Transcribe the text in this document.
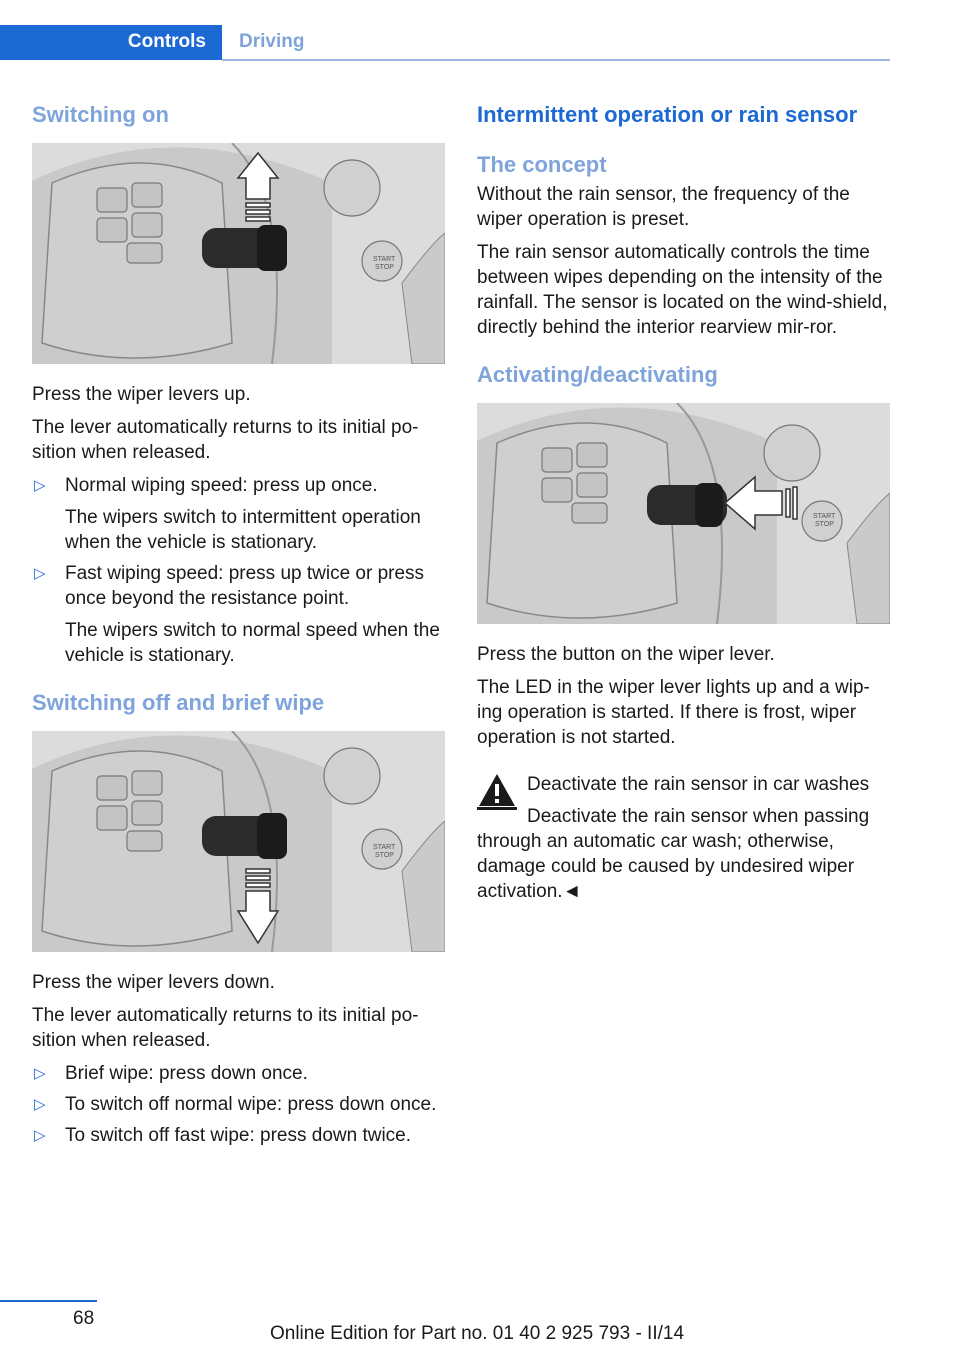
Controls	Driving
Switching on
START
STOP

Press the wiper levers up.

The lever automatically returns to its initial po-sition when released.

▷ Normal wiping speed: press up once.
The wipers switch to intermittent operation when the vehicle is stationary.
▷ Fast wiping speed: press up twice or press once beyond the resistance point.
The wipers switch to normal speed when the vehicle is stationary.
Switching off and brief wipe
START
STOP

Press the wiper levers down.

The lever automatically returns to its initial po-sition when released.

▷ Brief wipe: press down once.
▷ To switch off normal wipe: press down once.
▷ To switch off fast wipe: press down twice.
Intermittent operation or rain sensor
The concept

Without the rain sensor, the frequency of the wiper operation is preset.

The rain sensor automatically controls the time between wipes depending on the intensity of the rainfall. The sensor is located on the wind-shield, directly behind the interior rearview mir-ror.

Activating/deactivating
START
STOP

Press the button on the wiper lever.

The LED in the wiper lever lights up and a wip-ing operation is started. If there is frost, wiper operation is not started.

Deactivate the rain sensor in car washes
Deactivate the rain sensor when passing through an automatic car wash; otherwise, damage could be caused by undesired wiper activation.◄
68
Online Edition for Part no. 01 40 2 925 793 - II/14
